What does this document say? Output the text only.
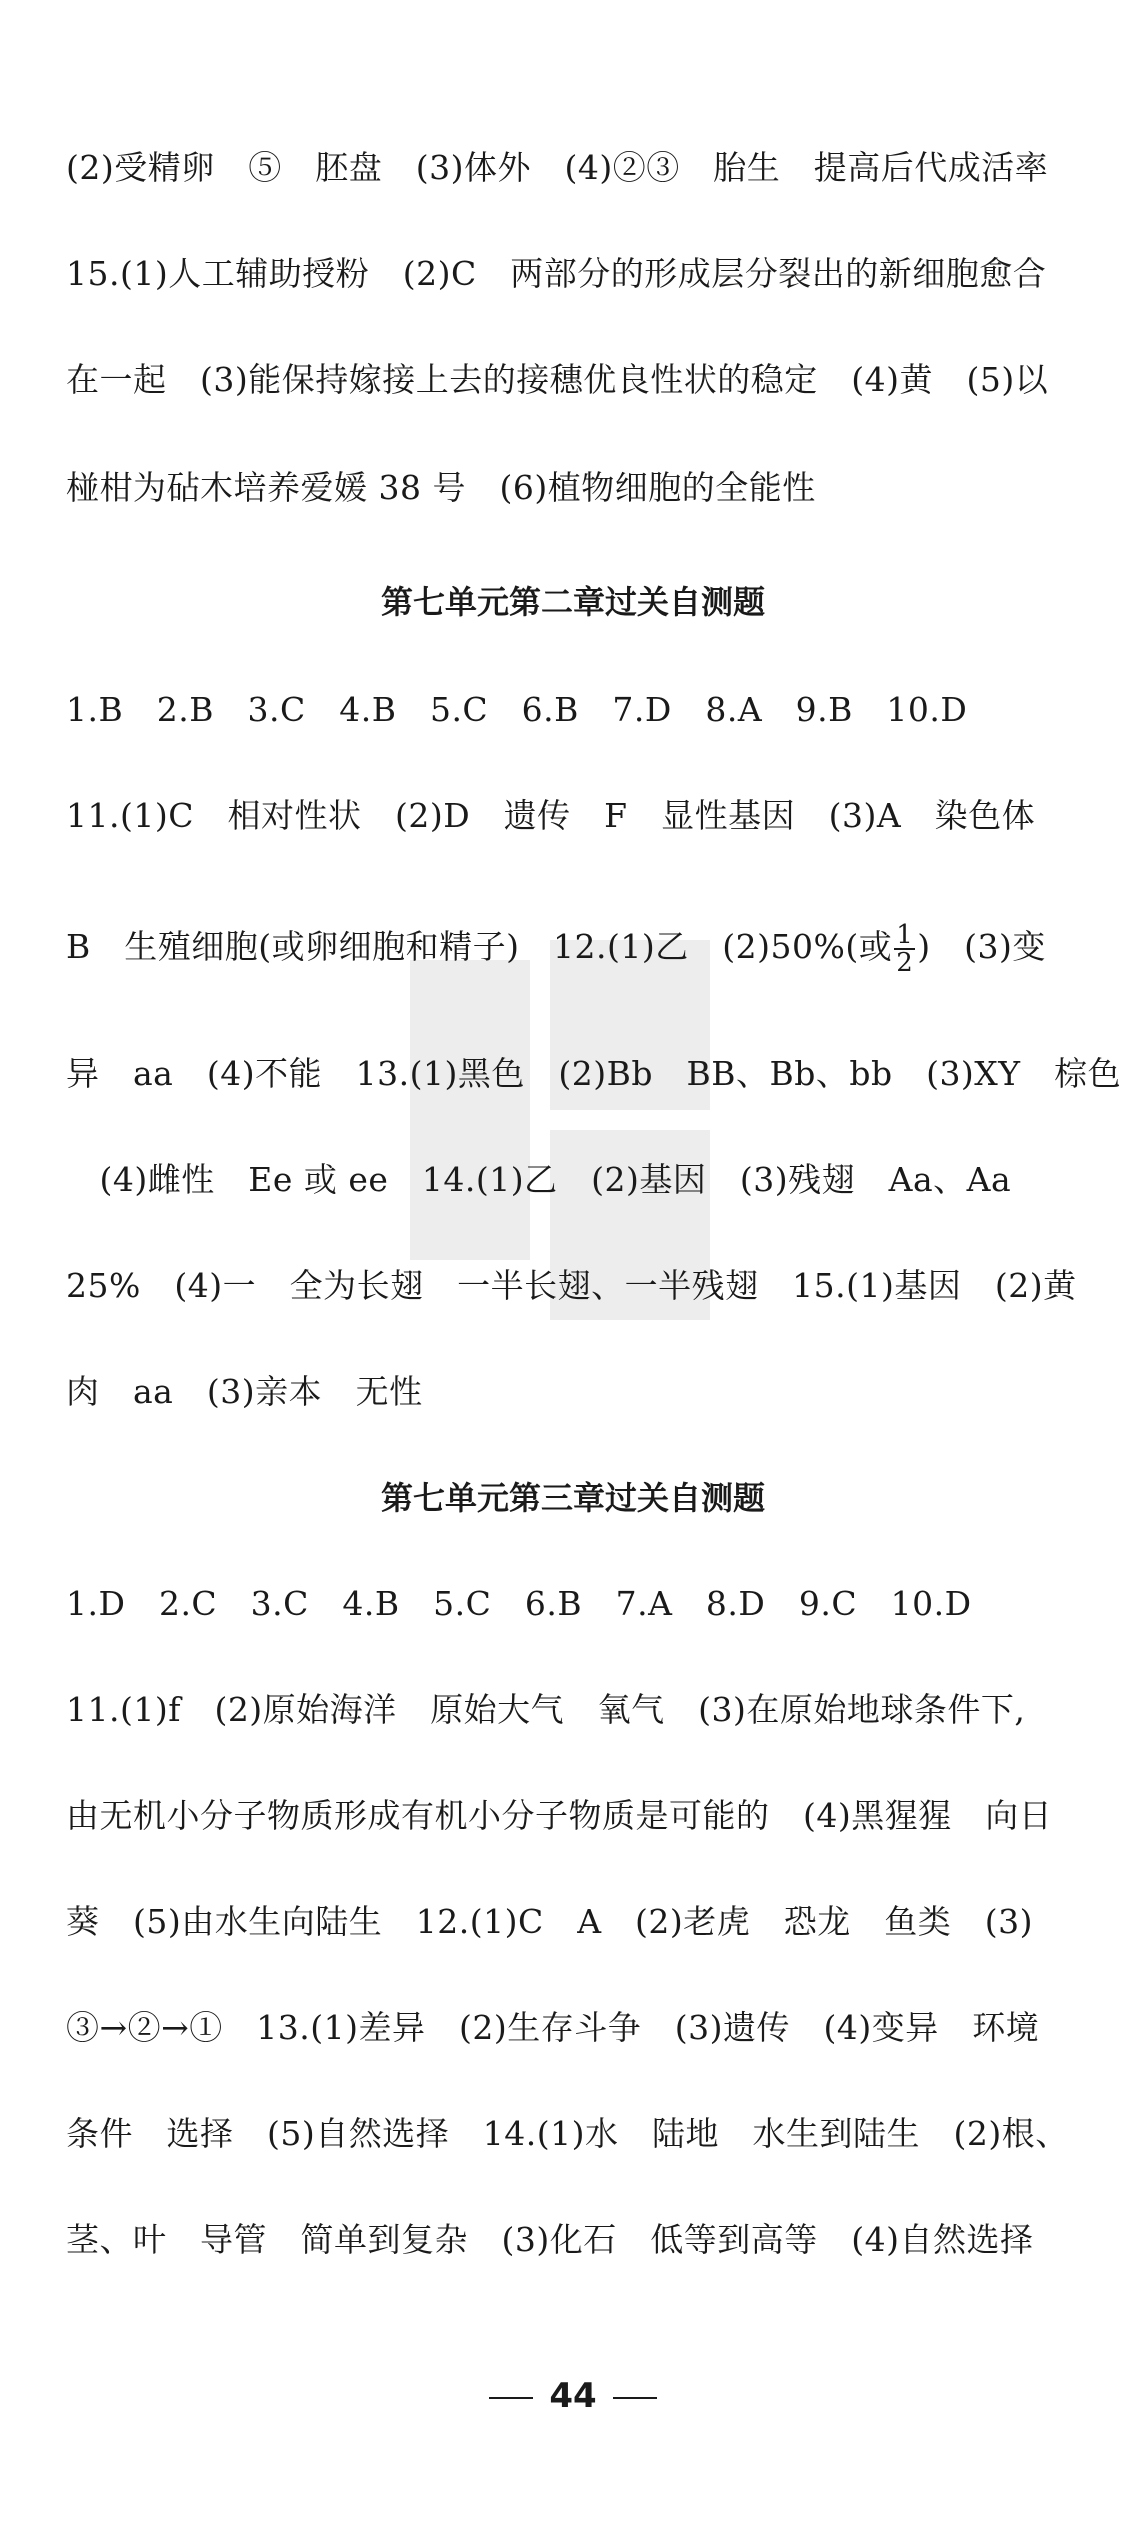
(2)受精卵　⑤　胚盘　(3)体外　(4)②③　胎生　提高后代成活率
15.(1)人工辅助授粉　(2)C　两部分的形成层分裂出的新细胞愈合
在一起　(3)能保持嫁接上去的接穗优良性状的稳定　(4)黄　(5)以
椪柑为砧木培养爱媛 38 号　(6)植物细胞的全能性
第七单元第二章过关自测题
1.B　2.B　3.C　4.B　5.C　6.B　7.D　8.A　9.B　10.D
11.(1)C　相对性状　(2)D　遗传　F　显性基因　(3)A　染色体
B　生殖细胞(或卵细胞和精子)　12.(1)乙　(2)50%(或 $\frac{1}{2}$ )　(3)变
异　aa　(4)不能　13.(1)黑色　(2)Bb　BB、Bb、bb　(3)XY　棕色
　(4)雌性　Ee 或 ee　14.(1)乙　(2)基因　(3)残翅　Aa、Aa
25%　(4)一　全为长翅　一半长翅、一半残翅　15.(1)基因　(2)黄
肉　aa　(3)亲本　无性
第七单元第三章过关自测题
1.D　2.C　3.C　4.B　5.C　6.B　7.A　8.D　9.C　10.D
11.(1)f　(2)原始海洋　原始大气　氧气　(3)在原始地球条件下,
由无机小分子物质形成有机小分子物质是可能的　(4)黑猩猩　向日
葵　(5)由水生向陆生　12.(1)C　A　(2)老虎　恐龙　鱼类　(3)
③→②→①　13.(1)差异　(2)生存斗争　(3)遗传　(4)变异　环境
条件　选择　(5)自然选择　14.(1)水　陆地　水生到陆生　(2)根、
茎、叶　导管　简单到复杂　(3)化石　低等到高等　(4)自然选择
44
